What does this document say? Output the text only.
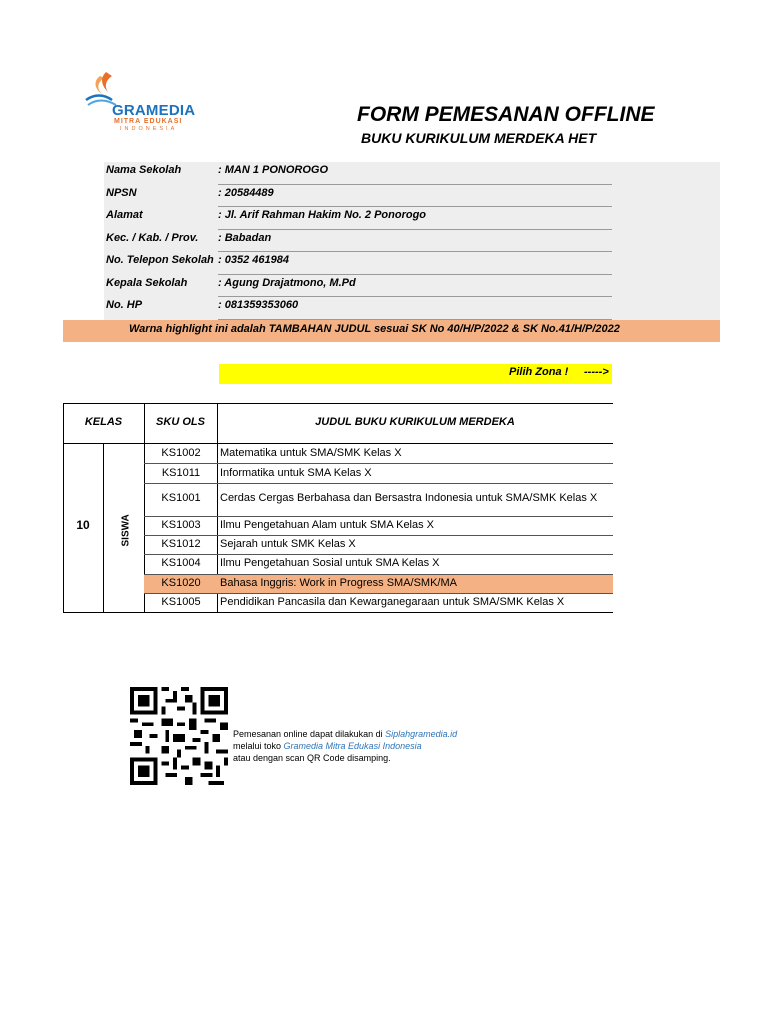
GRAMEDIA
MITRA EDUKASI
INDONESIA
FORM PEMESANAN OFFLINE
BUKU KURIKULUM MERDEKA HET
Nama Sekolah	: MAN 1 PONOROGO
NPSN	: 20584489
Alamat	: Jl. Arif Rahman Hakim No. 2 Ponorogo
Kec. / Kab. / Prov. : Babadan
No. Telepon Sekolah : 0352 461984
Kepala Sekolah	: Agung Drajatmono, M.Pd
No. HP	: 081359353060
Warna highlight ini adalah TAMBAHAN JUDUL sesuai SK No 40/H/P/2022 & SK No.41/H/P/2022
Pilih Zona ! ----->
KELAS	SKU OLS	JUDUL BUKU KURIKULUM MERDEKA
10	SISWA
KS1002	Matematika untuk SMA/SMK Kelas X
KS1011	Informatika untuk SMA Kelas X
KS1001	Cerdas Cergas Berbahasa dan Bersastra Indonesia untuk SMA/SMK Kelas X
KS1003	Ilmu Pengetahuan Alam untuk SMA Kelas X
KS1012	Sejarah untuk SMK Kelas X
KS1004	Ilmu Pengetahuan Sosial untuk SMA Kelas X
KS1020	Bahasa Inggris: Work in Progress SMA/SMK/MA
KS1005	Pendidikan Pancasila dan Kewarganegaraan untuk SMA/SMK Kelas X
Pemesanan online dapat dilakukan di Siplahgramedia.id
melalui toko Gramedia Mitra Edukasi Indonesia
atau dengan scan QR Code disamping.
